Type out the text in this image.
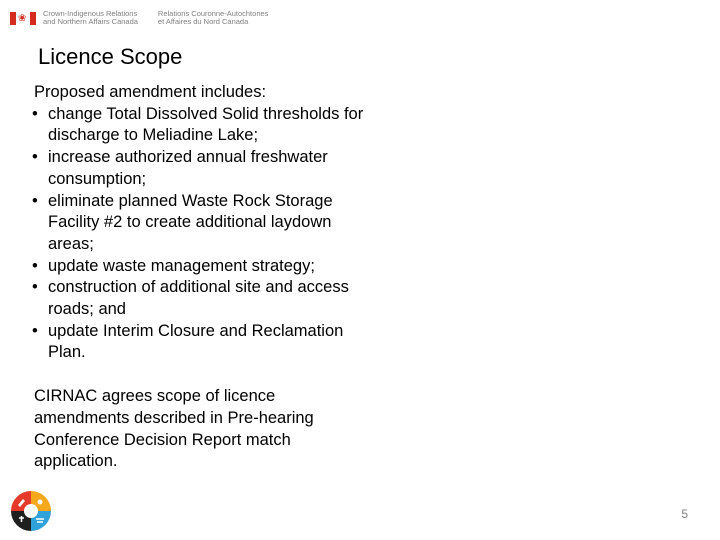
❀ Crown-Indigenous Relations
and Northern Affairs Canada
Relations Couronne-Autochtones
et Affaires du Nord Canada
Licence Scope

Proposed amendment includes:

• change Total Dissolved Solid thresholds for discharge to Meliadine Lake;
• increase authorized annual freshwater consumption;
• eliminate planned Waste Rock Storage Facility #2 to create additional laydown areas;
• update waste management strategy;
• construction of additional site and access roads; and
• update Interim Closure and Reclamation Plan.

CIRNAC agrees scope of licence amendments described in Pre-hearing Conference Decision Report match application.

5
